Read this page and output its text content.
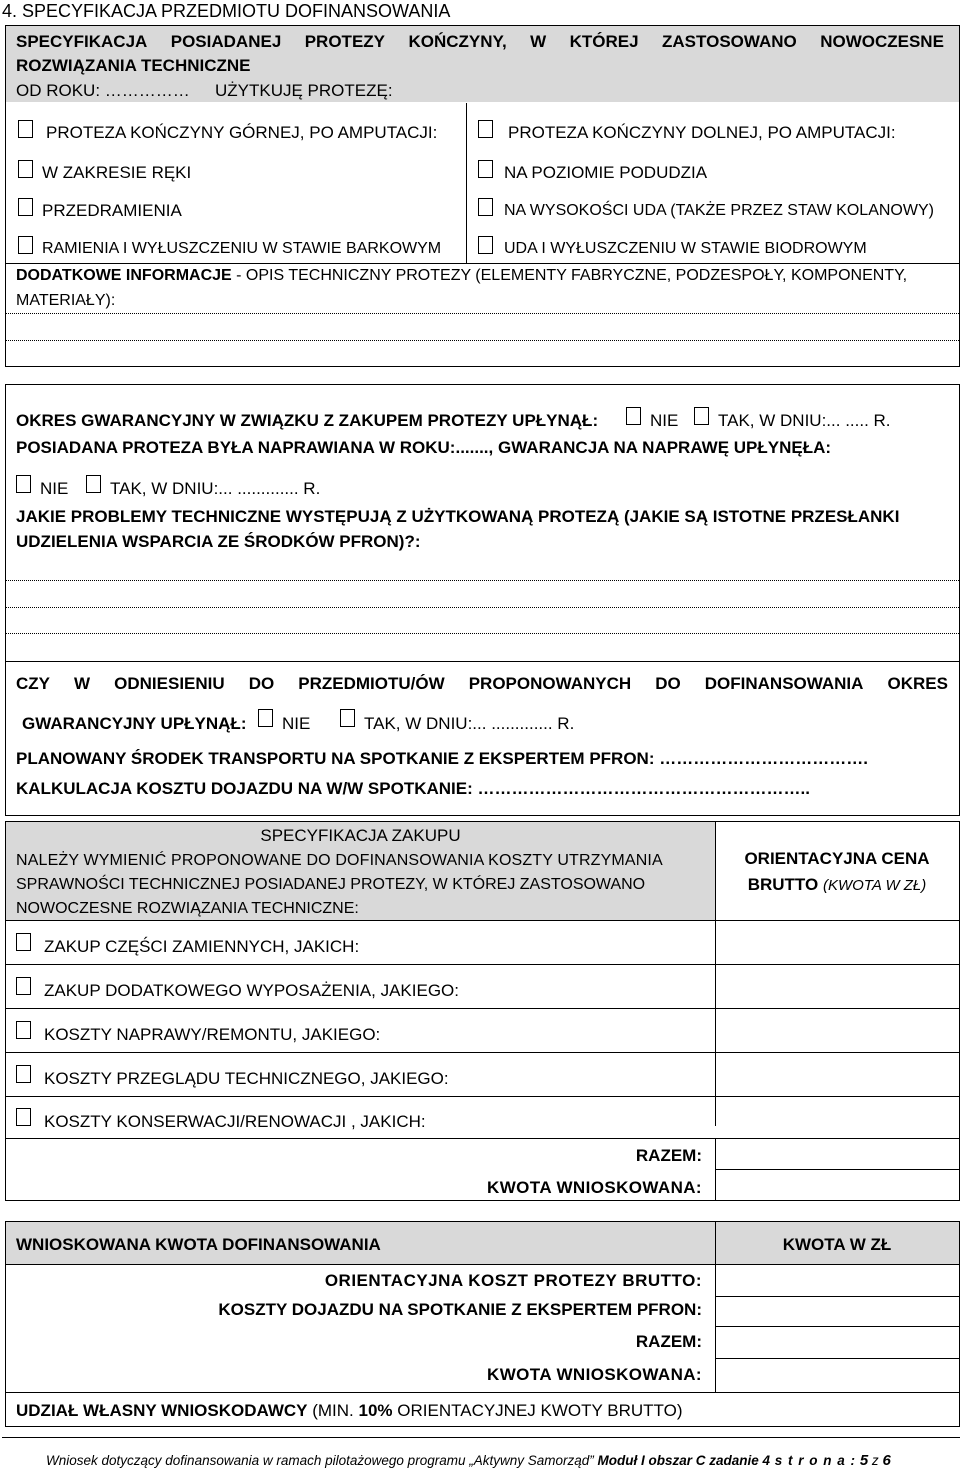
4. SPECYFIKACJA PRZEDMIOTU DOFINANSOWANIA
SPECYFIKACJA POSIADANEJ PROTEZY KOŃCZYNY, W KTÓREJ ZASTOSOWANO NOWOCZESNE
ROZWIĄZANIA TECHNICZNE
OD ROKU: …………… UŻYTKUJĘ PROTEZĘ:
PROTEZA KOŃCZYNY GÓRNEJ, PO AMPUTACJI:
W ZAKRESIE RĘKI
PRZEDRAMIENIA
RAMIENIA I WYŁUSZCZENIU W STAWIE BARKOWYM
PROTEZA KOŃCZYNY DOLNEJ, PO AMPUTACJI:
NA POZIOMIE PODUDZIA
NA WYSOKOŚCI UDA (TAKŻE PRZEZ STAW KOLANOWY)
UDA I WYŁUSZCZENIU W STAWIE BIODROWYM
DODATKOWE INFORMACJE - OPIS TECHNICZNY PROTEZY (ELEMENTY FABRYCZNE, PODZESPOŁY, KOMPONENTY,
MATERIAŁY):
OKRES GWARANCYJNY W ZWIĄZKU Z ZAKUPEM PROTEZY UPŁYNĄŁ:	NIE TAK, W DNIU:... ..... R.
POSIADANA PROTEZA BYŁA NAPRAWIANA W ROKU:......., GWARANCJA NA NAPRAWĘ UPŁYNĘŁA:
NIE TAK, W DNIU:... ............. R.
JAKIE PROBLEMY TECHNICZNE WYSTĘPUJĄ Z UŻYTKOWANĄ PROTEZĄ (JAKIE SĄ ISTOTNE PRZESŁANKI
UDZIELENIA WSPARCIA ZE ŚRODKÓW PFRON)?:
CZY W ODNIESIENIU DO PRZEDMIOTU/ÓW PROPONOWANYCH DO DOFINANSOWANIA OKRES
GWARANCYJNY UPŁYNĄŁ: NIE	TAK, W DNIU:... ............. R.
PLANOWANY ŚRODEK TRANSPORTU NA SPOTKANIE Z EKSPERTEM PFRON: ……………………………….
KALKULACJA KOSZTU DOJAZDU NA W/W SPOTKANIE: …………………………………………………..
SPECYFIKACJA ZAKUPU
NALEŻY WYMIENIĆ PROPONOWANE DO DOFINANSOWANIA KOSZTY UTRZYMANIA
SPRAWNOŚCI TECHNICZNEJ POSIADANEJ PROTEZY, W KTÓREJ ZASTOSOWANO
NOWOCZESNE ROZWIĄZANIA TECHNICZNE:
ORIENTACYJNA CENA
BRUTTO (KWOTA W ZŁ)
ZAKUP CZĘŚCI ZAMIENNYCH, JAKICH:
ZAKUP DODATKOWEGO WYPOSAŻENIA, JAKIEGO:
KOSZTY NAPRAWY/REMONTU, JAKIEGO:
KOSZTY PRZEGLĄDU TECHNICZNEGO, JAKIEGO:
KOSZTY KONSERWACJI/RENOWACJI , JAKICH:
RAZEM:
KWOTA WNIOSKOWANA:
WNIOSKOWANA KWOTA DOFINANSOWANIA	KWOTA W ZŁ
ORIENTACYJNA KOSZT PROTEZY BRUTTO:
KOSZTY DOJAZDU NA SPOTKANIE Z EKSPERTEM PFRON:
RAZEM:
KWOTA WNIOSKOWANA:
UDZIAŁ WŁASNY WNIOSKODAWCY (MIN. 10% ORIENTACYJNEJ KWOTY BRUTTO)
Wniosek dotyczący dofinansowania w ramach pilotażowego programu „Aktywny Samorząd” Moduł I obszar C zadanie 4 s t r o n a : 5 z 6
